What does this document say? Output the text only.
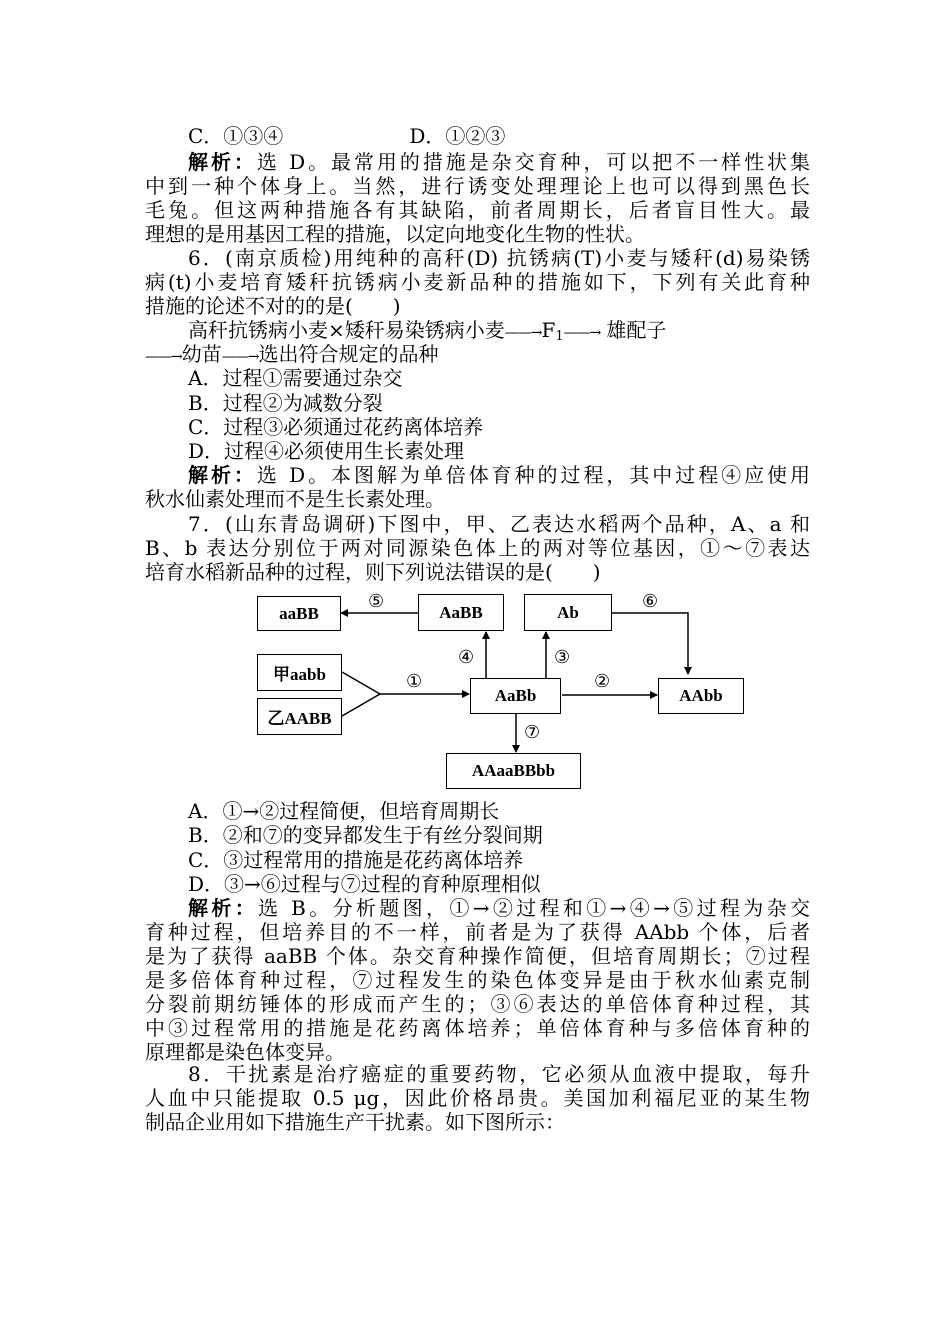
C．①③④	D．①②③
解析：选 D。最常用的措施是杂交育种，可以把不一样性状集
中到一种个体身上。当然，进行诱变处理理论上也可以得到黑色长
毛兔。但这两种措施各有其缺陷，前者周期长，后者盲目性大。最
理想的是用基因工程的措施，以定向地变化生物的性状。
6．(南京质检)用纯种的高秆(D) 抗锈病(T)小麦与矮秆(d)易染锈
病(t)小麦培育矮秆抗锈病小麦新品种的措施如下，下列有关此育种
措施的论述不对的的是(　　)
高秆抗锈病小麦×矮秆易染锈病小麦$——\to F_1——\to$ 雄配子
——→幼苗——→选出符合规定的品种
A．过程①需要通过杂交
B．过程②为减数分裂
C．过程③必须通过花药离体培养
D．过程④必须使用生长素处理
解析：选 D。本图解为单倍体育种的过程，其中过程④应使用
秋水仙素处理而不是生长素处理。
7．(山东青岛调研)下图中，甲、乙表达水稻两个品种，A、a 和
B、b 表达分别位于两对同源染色体上的两对等位基因，①～⑦表达
培育水稻新品种的过程，则下列说法错误的是(　　)
aaBB	AaBB	Ab
甲aabb
乙AABB
AaBb	AAbb
AAaaBBbb
⑤	⑥
④	③
①	②
⑦
A．①→②过程简便，但培育周期长
B．②和⑦的变异都发生于有丝分裂间期
C．③过程常用的措施是花药离体培养
D．③→⑥过程与⑦过程的育种原理相似
解析：选 B。分析题图，①→②过程和①→④→⑤过程为杂交
育种过程，但培养目的不一样，前者是为了获得 AAbb 个体，后者
是为了获得 aaBB 个体。杂交育种操作简便，但培育周期长；⑦过程
是多倍体育种过程，⑦过程发生的染色体变异是由于秋水仙素克制
分裂前期纺锤体的形成而产生的；③⑥表达的单倍体育种过程，其
中③过程常用的措施是花药离体培养；单倍体育种与多倍体育种的
原理都是染色体变异。
8．干扰素是治疗癌症的重要药物，它必须从血液中提取，每升
人血中只能提取 0.5 μg，因此价格昂贵。美国加利福尼亚的某生物
制品企业用如下措施生产干扰素。如下图所示：
